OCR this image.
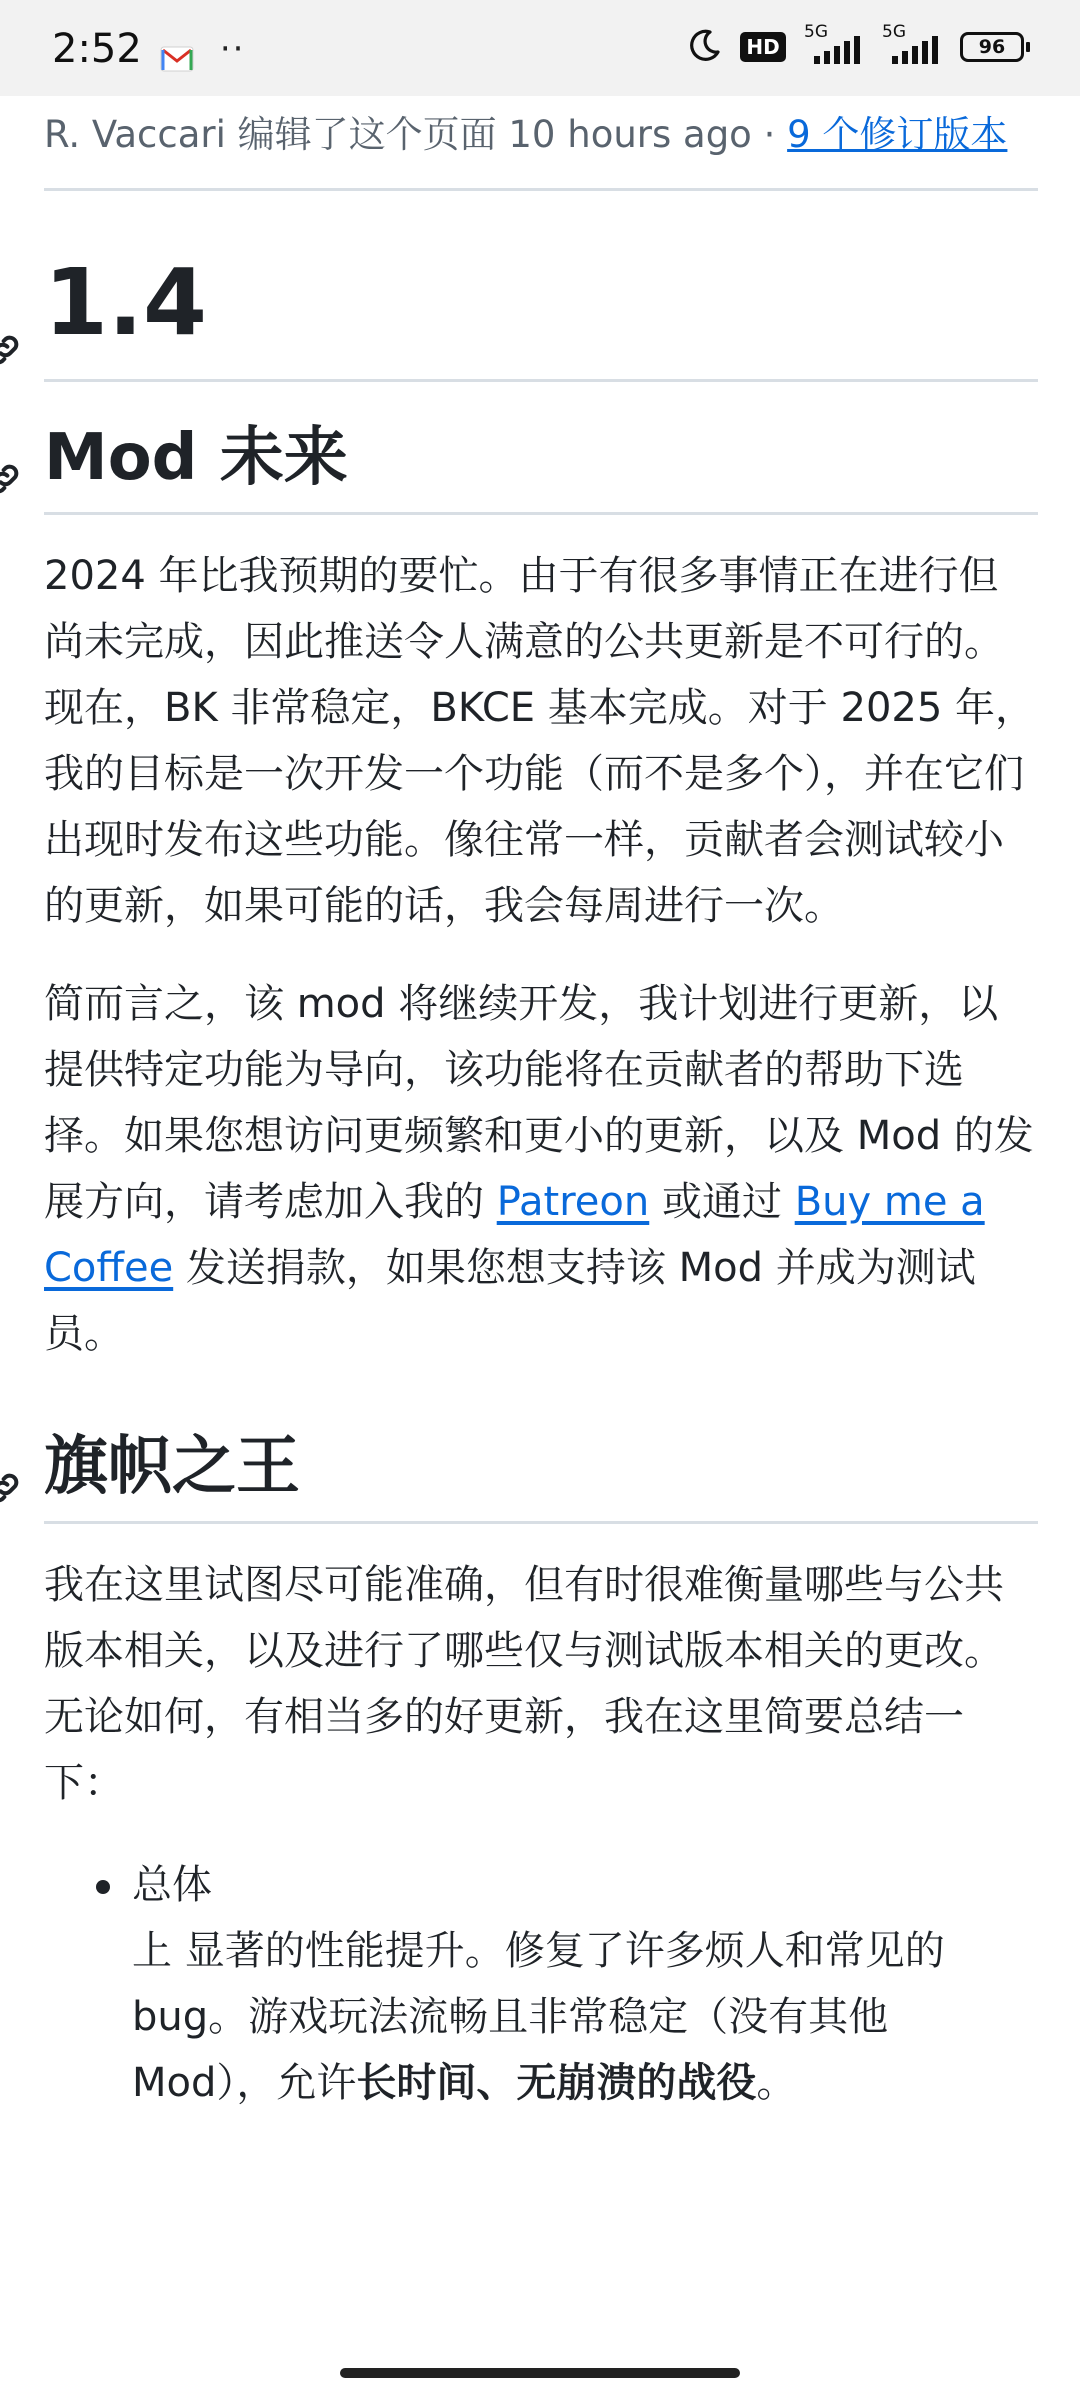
2:52 ··	HD
5G	5G
96
R. Vaccari 编辑了这个页面 10 hours ago · 9 个修订版本
1.4
Mod 未来

2024 年比我预期的要忙。由于有很多事情正在进行但尚未完成，因此推送令人满意的公共更新是不可行的。现在，BK 非常稳定，BKCE 基本完成。对于 2025 年，我的目标是一次开发一个功能（而不是多个），并在它们出现时发布这些功能。像往常一样，贡献者会测试较小的更新，如果可能的话，我会每周进行一次。

简而言之，该 mod 将继续开发，我计划进行更新，以提供特定功能为导向，该功能将在贡献者的帮助下选择。如果您想访问更频繁和更小的更新，以及 Mod 的发展方向，请考虑加入我的 Patreon 或通过 Buy me a Coffee 发送捐款，如果您想支持该 Mod 并成为测试员。

旗帜之王

我在这里试图尽可能准确，但有时很难衡量哪些与公共版本相关，以及进行了哪些仅与测试版本相关的更改。无论如何，有相当多的好更新，我在这里简要总结一下：

总体
上 显著的性能提升。修复了许多烦人和常见的 bug。游戏玩法流畅且非常稳定（没有其他 Mod），允许长时间、无崩溃的战役。
